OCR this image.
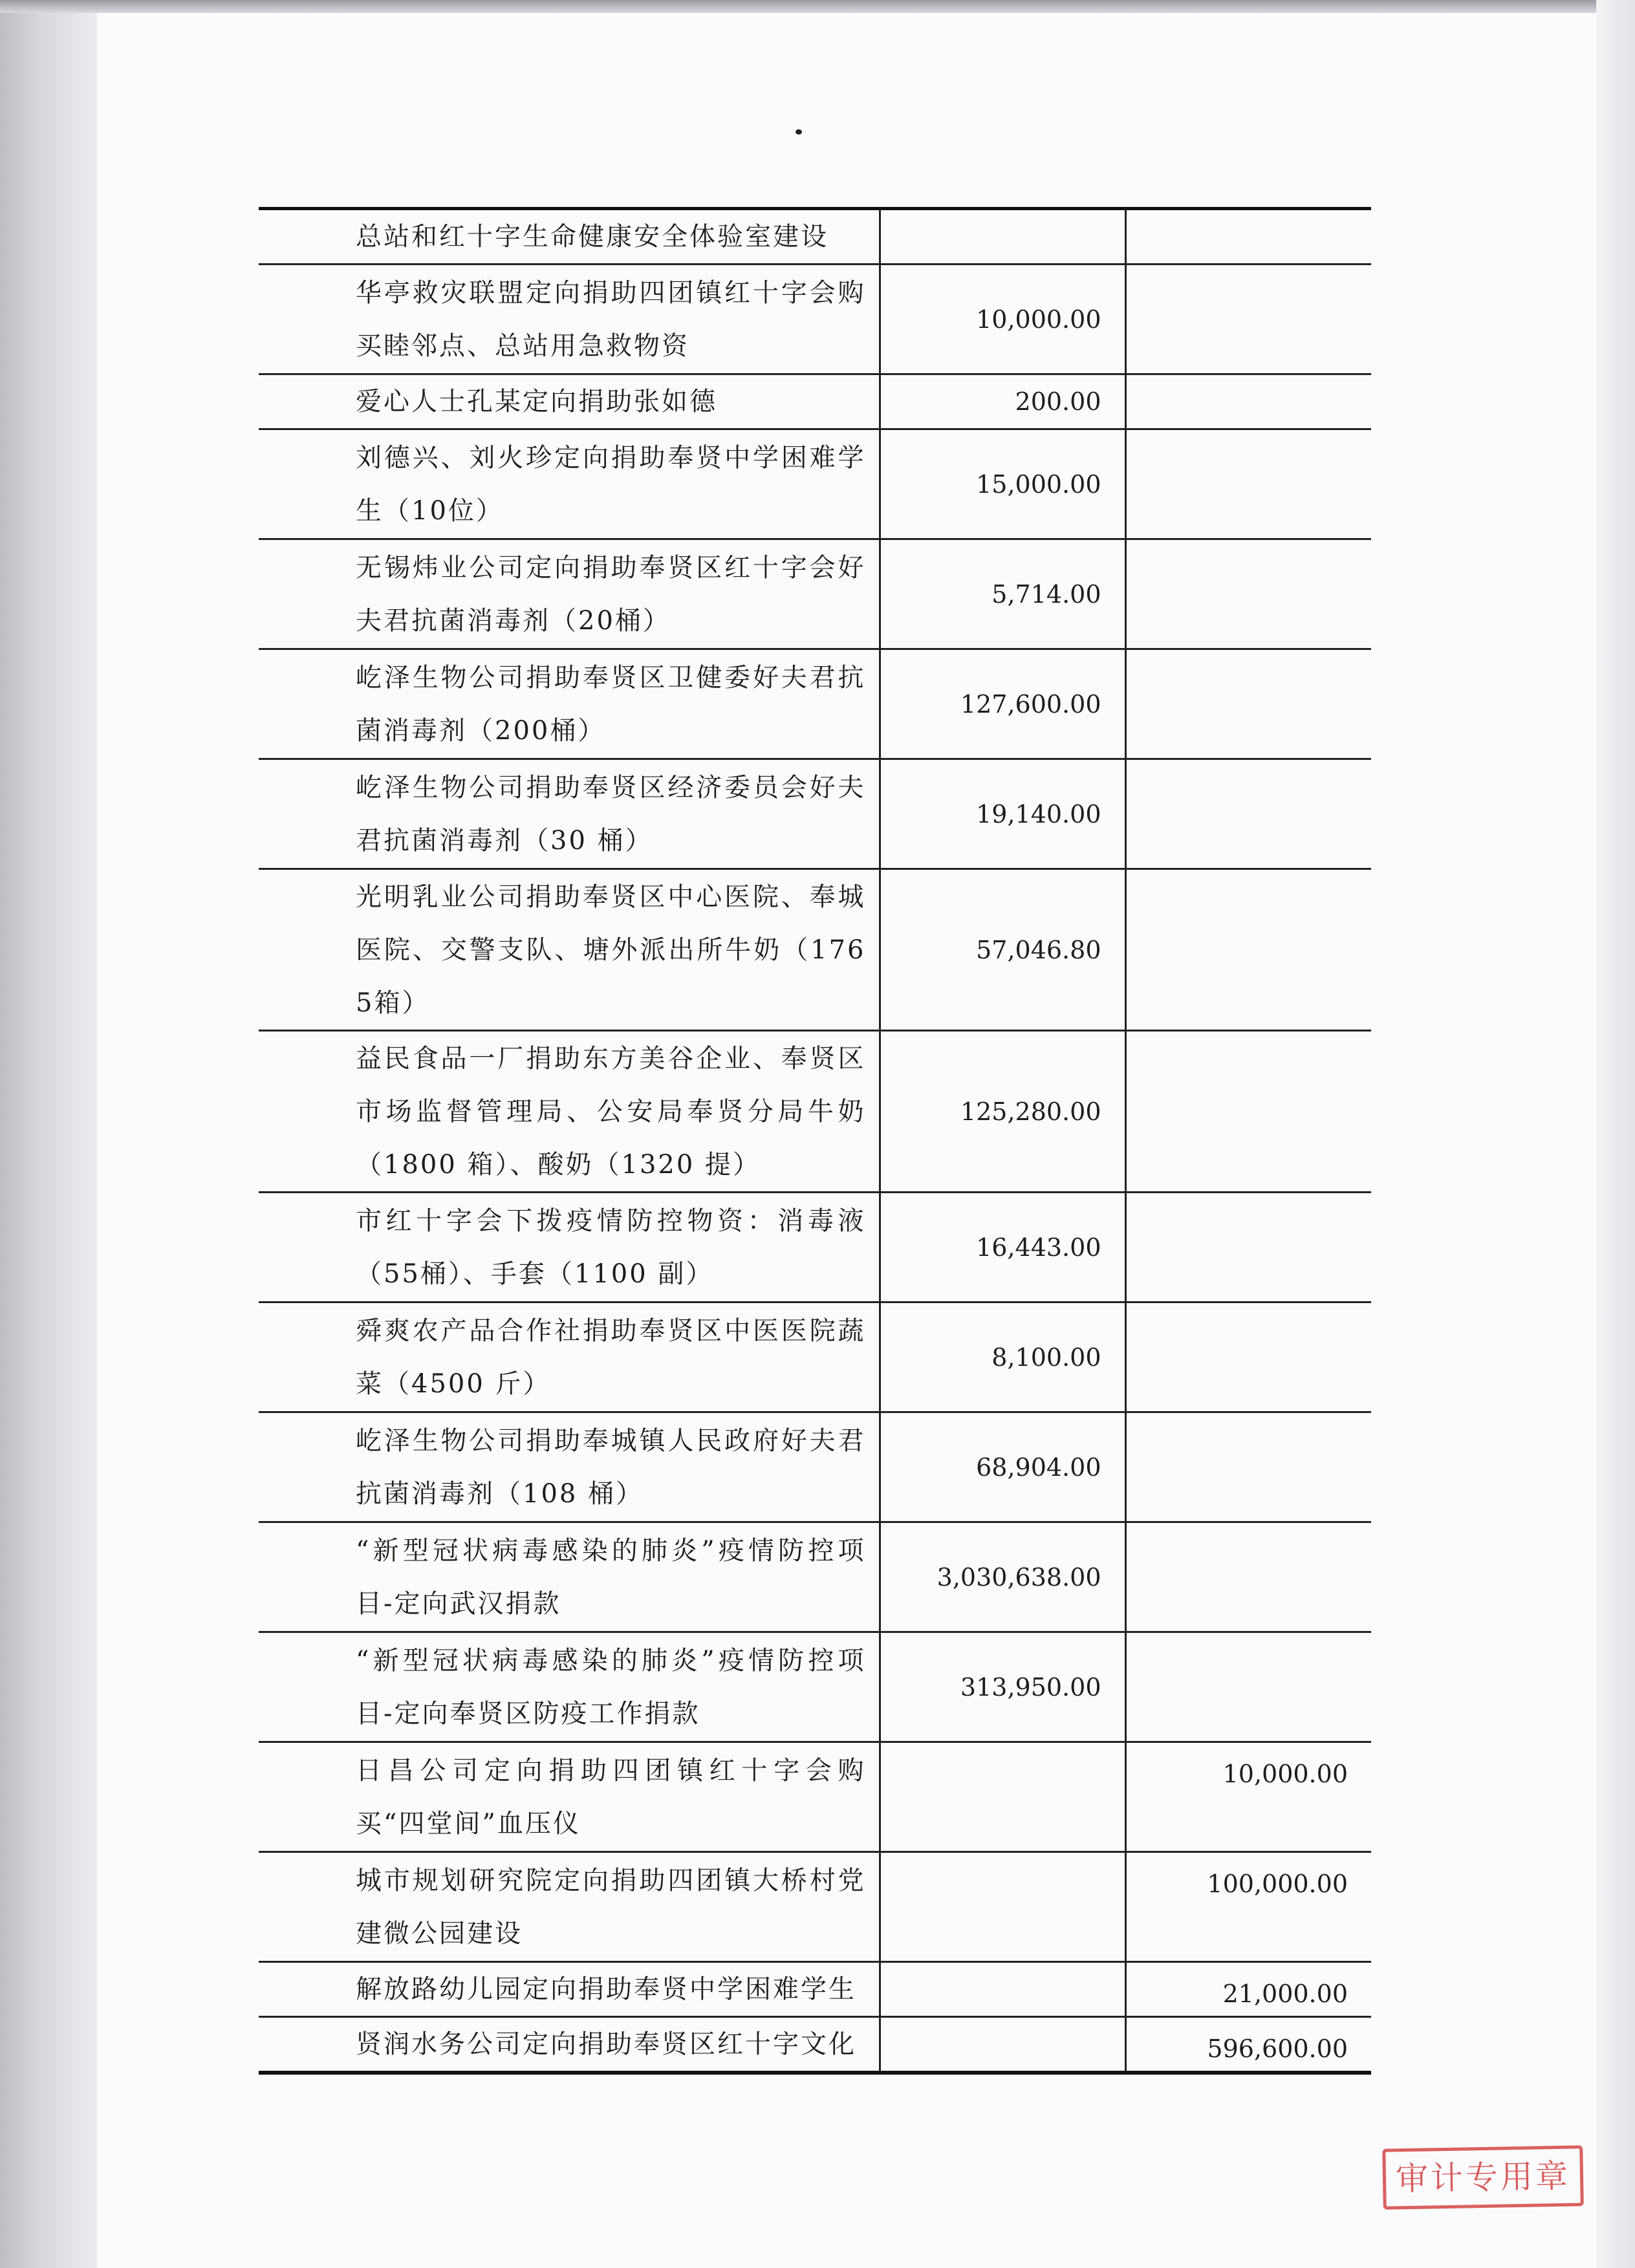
总站和红十字生命健康安全体验室建设		
华亭救灾联盟定向捐助四团镇红十字会购买睦邻点、总站用急救物资	10,000.00	
爱心人士孔某定向捐助张如德	200.00	
刘德兴、刘火珍定向捐助奉贤中学困难学生（10位）	15,000.00	
无锡炜业公司定向捐助奉贤区红十字会好夫君抗菌消毒剂（20桶）	5,714.00	
屹泽生物公司捐助奉贤区卫健委好夫君抗菌消毒剂（200桶）	127,600.00	
屹泽生物公司捐助奉贤区经济委员会好夫君抗菌消毒剂（30 桶）	19,140.00	
光明乳业公司捐助奉贤区中心医院、奉城医院、交警支队、塘外派出所牛奶（1765箱）	57,046.80	
益民食品一厂捐助东方美谷企业、奉贤区市场监督管理局、公安局奉贤分局牛奶（1800 箱）、酸奶（1320 提）	125,280.00	
市红十字会下拨疫情防控物资：消毒液（55桶）、手套（1100 副）	16,443.00	
舜爽农产品合作社捐助奉贤区中医医院蔬菜（4500 斤）	8,100.00	
屹泽生物公司捐助奉城镇人民政府好夫君抗菌消毒剂（108 桶）	68,904.00	
“新型冠状病毒感染的肺炎”疫情防控项目-定向武汉捐款	3,030,638.00	
“新型冠状病毒感染的肺炎”疫情防控项目-定向奉贤区防疫工作捐款	313,950.00	
日昌公司定向捐助四团镇红十字会购买“四堂间”血压仪		10,000.00
城市规划研究院定向捐助四团镇大桥村党建微公园建设		100,000.00
解放路幼儿园定向捐助奉贤中学困难学生		21,000.00
贤润水务公司定向捐助奉贤区红十字文化		596,600.00
审计专用章
